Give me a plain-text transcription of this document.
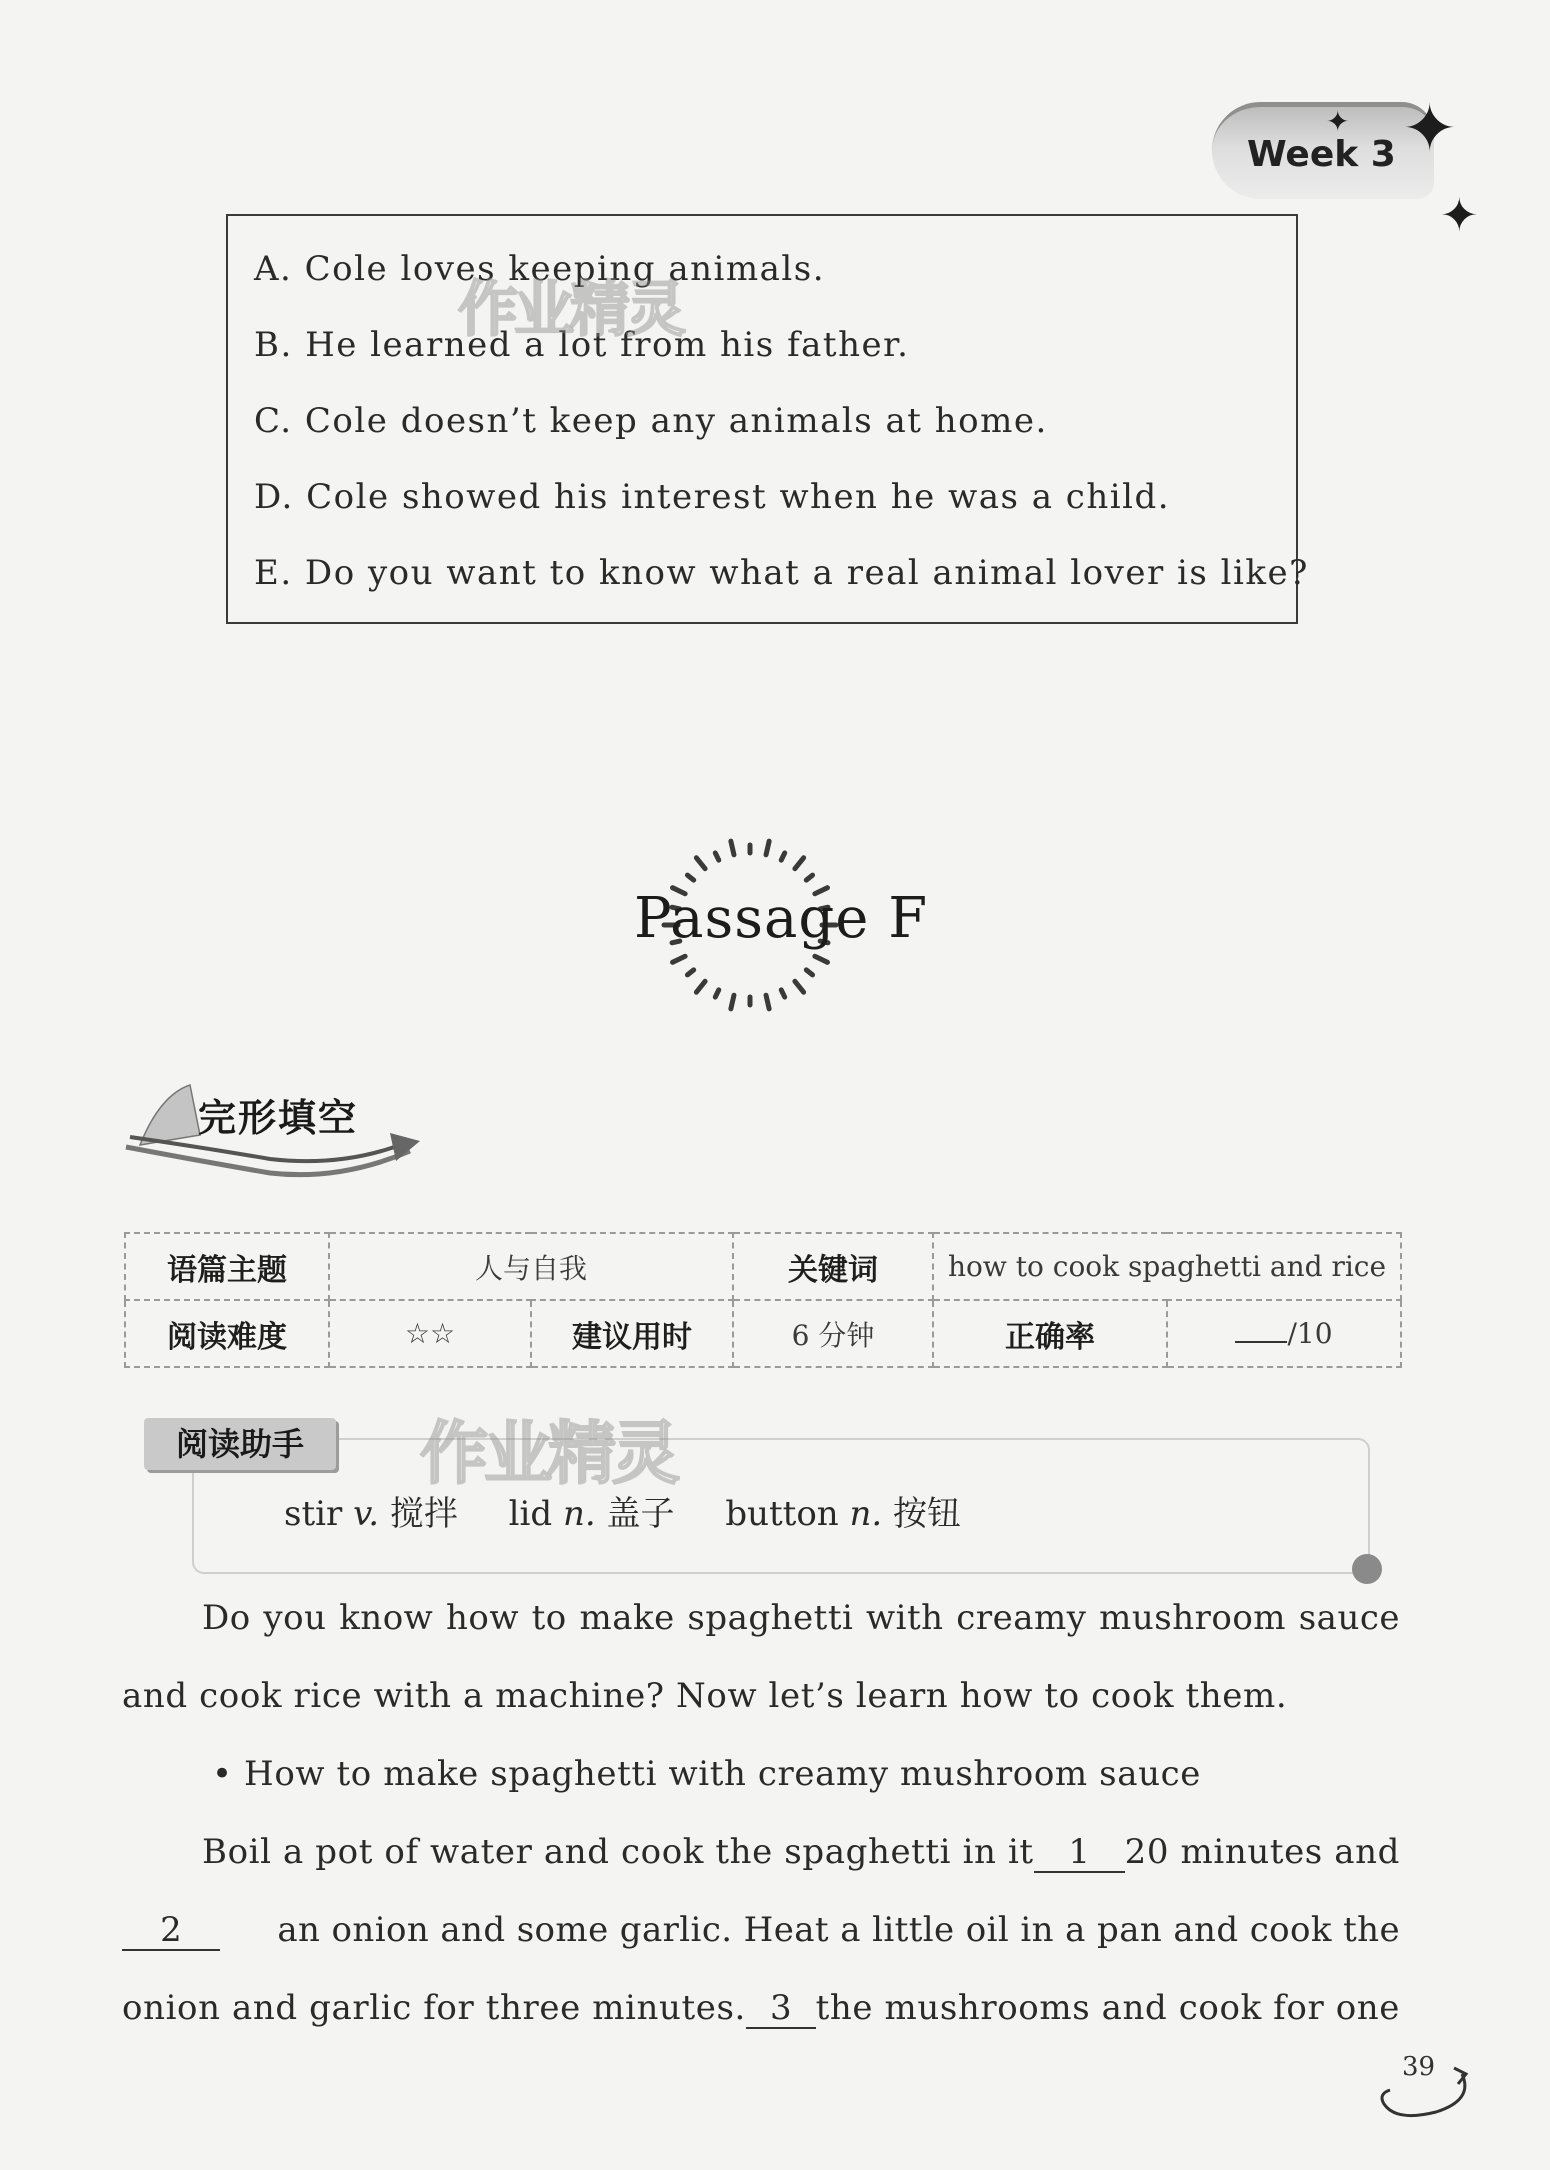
Week 3 ✦
✦
✦
A. Cole loves keeping animals.
B. He learned a lot from his father.
C. Cole doesn’t keep any animals at home.
D. Cole showed his interest when he was a child.
E. Do you want to know what a real animal lover is like?
作业精灵
Passage F
完形填空
语篇主题	人与自我		关键词	how to cook spaghetti and rice	
阅读难度	☆☆	建议用时	6 分钟	正确率	/10
阅读助手	作业精灵
stir v. 搅拌 lid n. 盖子 button n. 按钮
Do you know how to make spaghetti with creamy mushroom sauce
and cook rice with a machine? Now let’s learn how to cook them.
• How to make spaghetti with creamy mushroom sauce
Boil a pot of water and cook the spaghetti in it	1	20 minutes and
2	an onion and some garlic. Heat a little oil in a pan and cook the
onion and garlic for three minutes. 3 the mushrooms and cook for one
39
